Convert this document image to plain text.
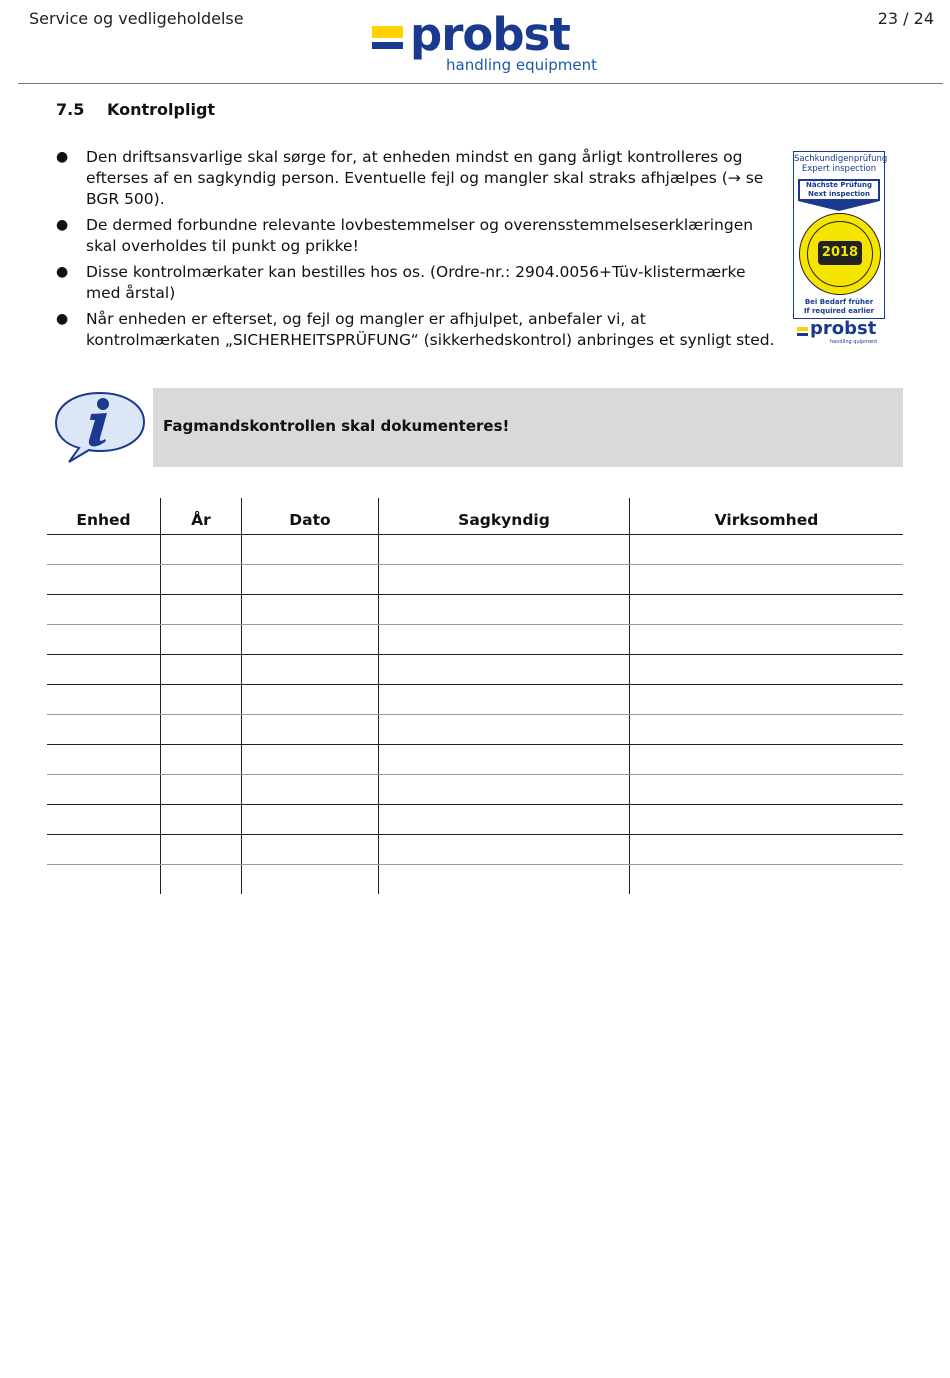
Service og vedligeholdelse	23 / 24
probst
handling equipment
7.5 Kontrolpligt
● Den driftsansvarlige skal sørge for, at enheden mindst en gang årligt kontrolleres og efterses af en sagkyndig person. Eventuelle fejl og mangler skal straks afhjælpes (→ se BGR 500).
● De dermed forbundne relevante lovbestemmelser og overensstemmelseserklæringen skal overholdes til punkt og prikke!
● Disse kontrolmærkater kan bestilles hos os. (Ordre-nr.: 2904.0056+Tüv-klistermærke med årstal)
● Når enheden er efterset, og fejl og mangler er afhjulpet, anbefaler vi, at kontrolmærkaten „SICHERHEITSPRÜFUNG“ (sikkerhedskontrol) anbringes et synligt sted.
Sachkundigenprüfung
Expert inspection
Nächste Prüfung
Next inspection
2018
Bei Bedarf früher
If required earlier
probst
handling quipment
Fagmandskontrollen skal dokumenteres!
Enhed	År	Dato	Sagkyndig	Virksomhed
